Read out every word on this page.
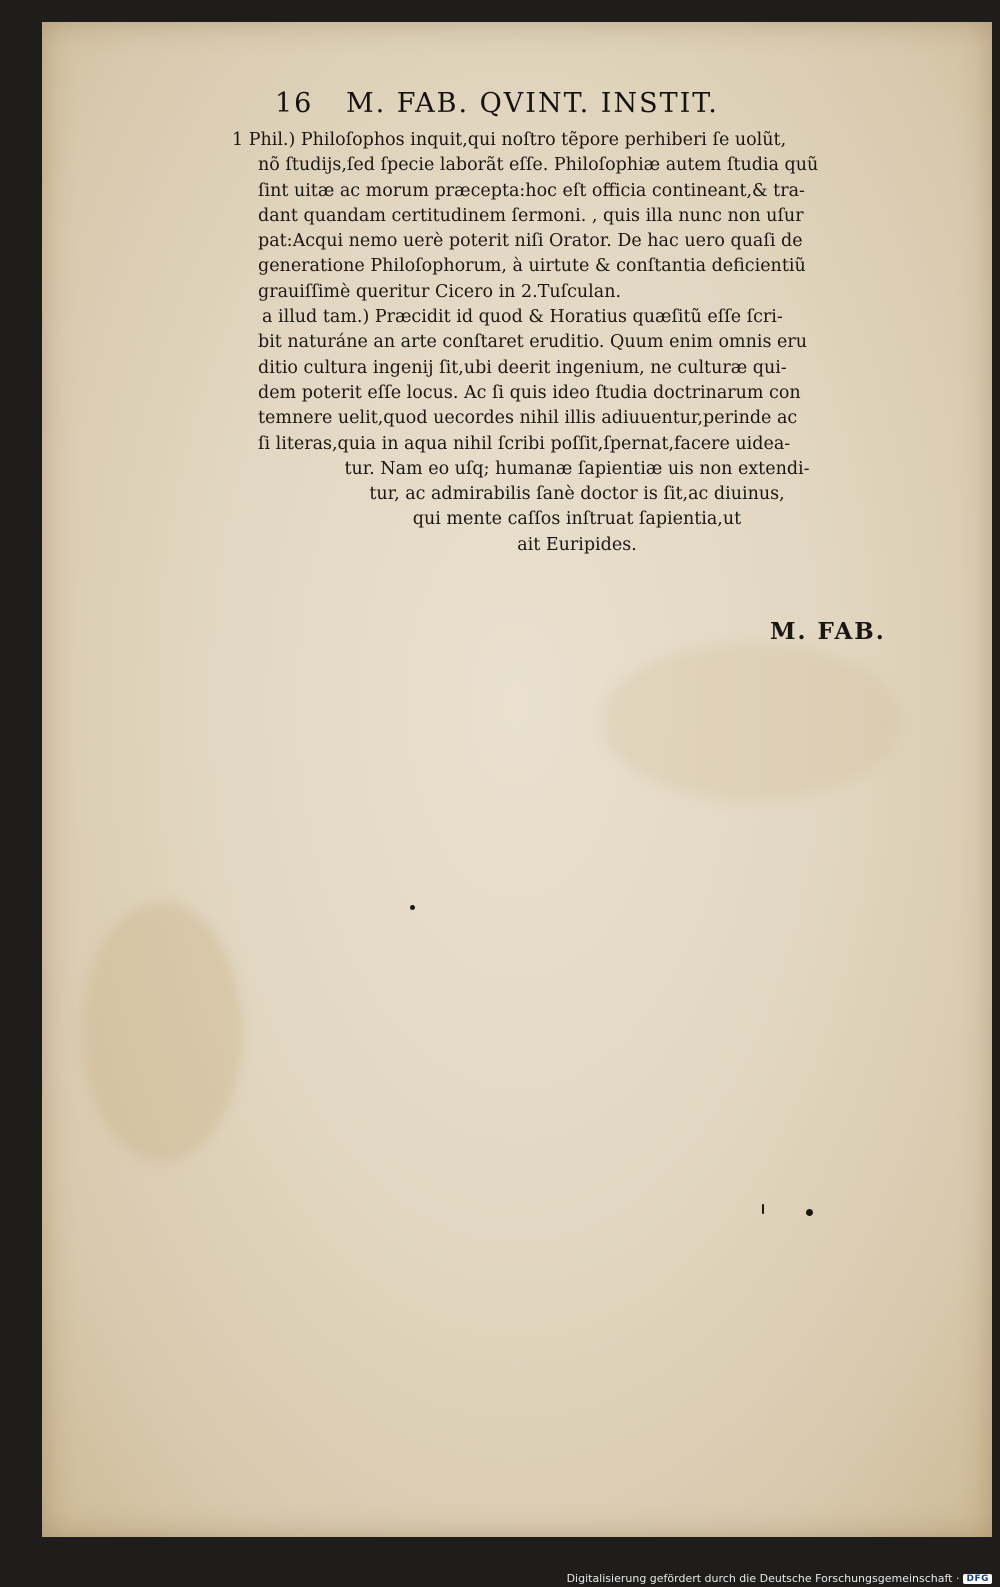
16 M. FAB. QVINT. INSTIT.
1 Phil.) Philoſophos inquit,qui noſtro tẽpore perhiberi ſe uolũt,
nõ ſtudijs,ſed ſpecie laborãt eſſe. Philoſophiæ autem ſtudia quũ
ſint uitæ ac morum præcepta:hoc eſt officia contineant,& tra-
dant quandam certitudinem ſermoni. , quis illa nunc non uſur
pat:Acqui nemo uerè poterit niſi Orator. De hac uero quaſi de
generatione Philoſophorum, à uirtute & conſtantia deficientiũ
grauiſſimè queritur Cicero in 2.Tuſculan.
a illud tam.) Præcidit id quod & Horatius quæſitũ eſſe ſcri-
bit naturáne an arte conſtaret eruditio. Quum enim omnis eru
ditio cultura ingenij ſit,ubi deerit ingenium, ne culturæ qui-
dem poterit eſſe locus. Ac ſi quis ideo ſtudia doctrinarum con
temnere uelit,quod uecordes nihil illis adiuuentur,perinde ac
ſi literas,quia in aqua nihil ſcribi poſſit,ſpernat,facere uidea-
tur. Nam eo uſq; humanæ ſapientiæ uis non extendi-
tur, ac admirabilis ſanè doctor is ſit,ac diuinus,
qui mente caſſos inſtruat ſapientia,ut
ait Euripides.
M. FAB.
Digitalisierung gefördert durch die Deutsche Forschungsgemeinschaft · DFG
